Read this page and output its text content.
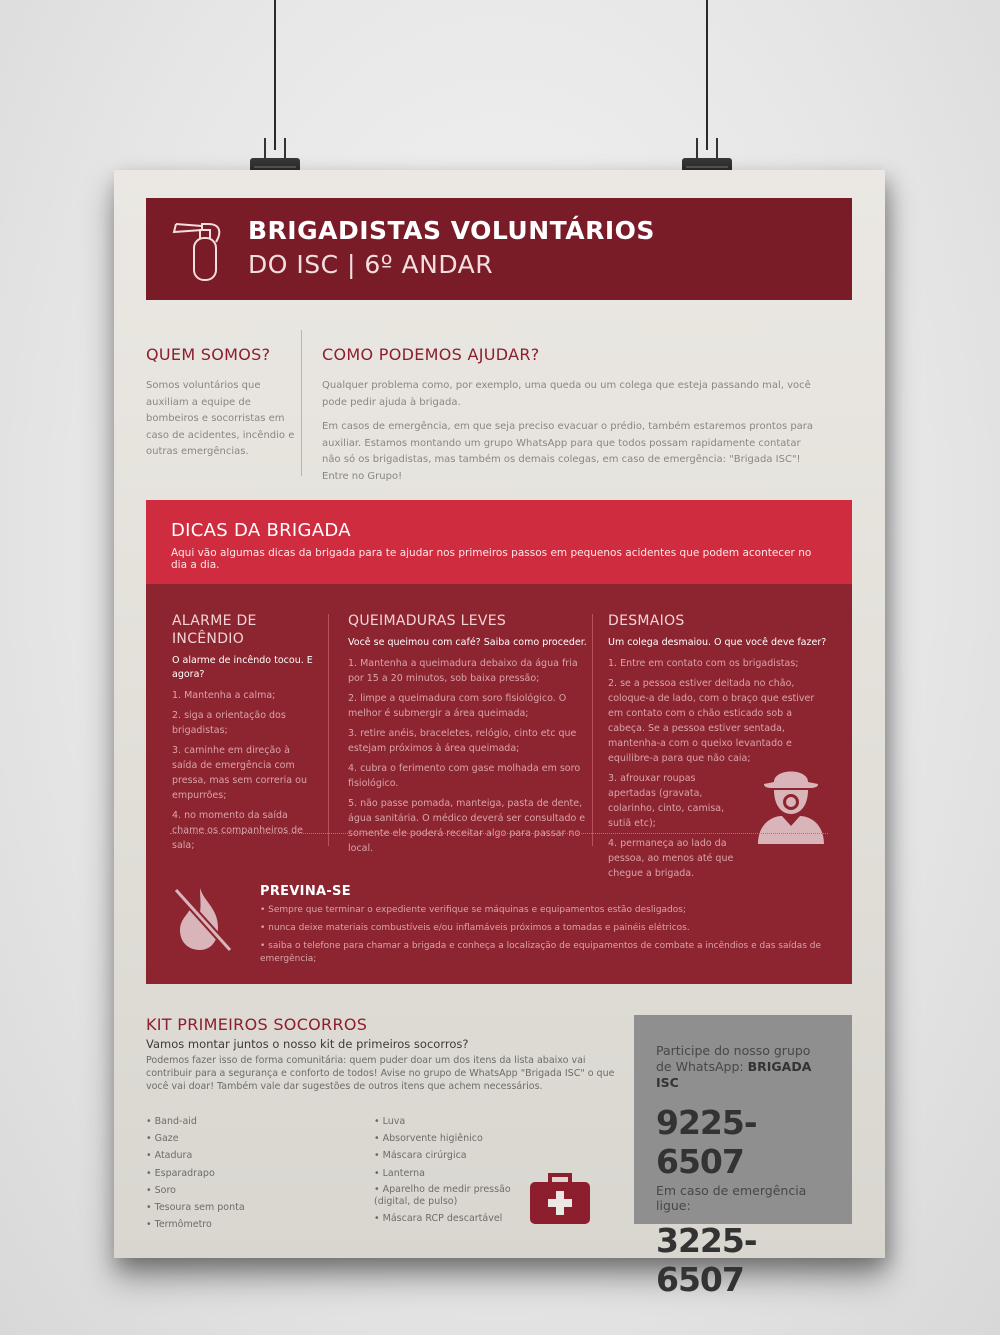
BRIGADISTAS VOLUNTÁRIOS
DO ISC | 6º ANDAR
QUEM SOMOS?
Somos voluntários que auxiliam a equipe de bombeiros e socorristas em caso de acidentes, incêndio e outras emergências.
COMO PODEMOS AJUDAR?

Qualquer problema como, por exemplo, uma queda ou um colega que esteja passando mal, você pode pedir ajuda à brigada.

Em casos de emergência, em que seja preciso evacuar o prédio, também estaremos prontos para auxiliar. Estamos montando um grupo WhatsApp para que todos possam rapidamente contatar não só os brigadistas, mas também os demais colegas, em caso de emergência: "Brigada ISC"! Entre no Grupo!

DICAS DA BRIGADA
Aqui vão algumas dicas da brigada para te ajudar nos primeiros passos em pequenos acidentes que podem acontecer no dia a dia.
ALARME DE INCÊNDIO
O alarme de incêndo tocou. E agora?
1. Mantenha a calma;
2. siga a orientação dos brigadistas;
3. caminhe em direção à saída de emergência com pressa, mas sem correria ou empurrões;
4. no momento da saída chame os companheiros de sala;
QUEIMADURAS LEVES
Você se queimou com café? Saiba como proceder.
1. Mantenha a queimadura debaixo da água fria por 15 a 20 minutos, sob baixa pressão;
2. limpe a queimadura com soro fisiológico. O melhor é submergir a área queimada;
3. retire anéis, braceletes, relógio, cinto etc que estejam próximos à área queimada;
4. cubra o ferimento com gase molhada em soro fisiológico.
5. não passe pomada, manteiga, pasta de dente, água sanitária. O médico deverá ser consultado e somente ele poderá receitar algo para passar no local.
DESMAIOS
Um colega desmaiou. O que você deve fazer?
1. Entre em contato com os brigadistas;
2. se a pessoa estiver deitada no chão, coloque-a de lado, com o braço que estiver em contato com o chão esticado sob a cabeça. Se a pessoa estiver sentada, mantenha-a com o queixo levantado e equilibre-a para que não caia;
3. afrouxar roupas apertadas (gravata, colarinho, cinto, camisa, sutiã etc);
4. permaneça ao lado da pessoa, ao menos até que chegue a brigada.
PREVINA-SE
• Sempre que terminar o expediente verifique se máquinas e equipamentos estão desligados;
• nunca deixe materiais combustíveis e/ou inflamáveis próximos a tomadas e painéis elétricos.
• saiba o telefone para chamar a brigada e conheça a localização de equipamentos de combate a incêndios e das saídas de emergência;
KIT PRIMEIROS SOCORROS
Vamos montar juntos o nosso kit de primeiros socorros?
Podemos fazer isso de forma comunitária: quem puder doar um dos itens da lista abaixo vai contribuir para a segurança e conforto de todos! Avise no grupo de WhatsApp "Brigada ISC" o que você vai doar! Também vale dar sugestões de outros itens que achem necessários.
• Band-aid
• Gaze
• Atadura
• Esparadrapo
• Soro
• Tesoura sem ponta
• Termômetro
• Luva
• Absorvente higiênico
• Máscara cirúrgica
• Lanterna
• Aparelho de medir pressão (digital, de pulso)
• Máscara RCP descartável
Participe do nosso grupo de WhatsApp: BRIGADA ISC
9225-6507
Em caso de emergência ligue:
3225-6507
